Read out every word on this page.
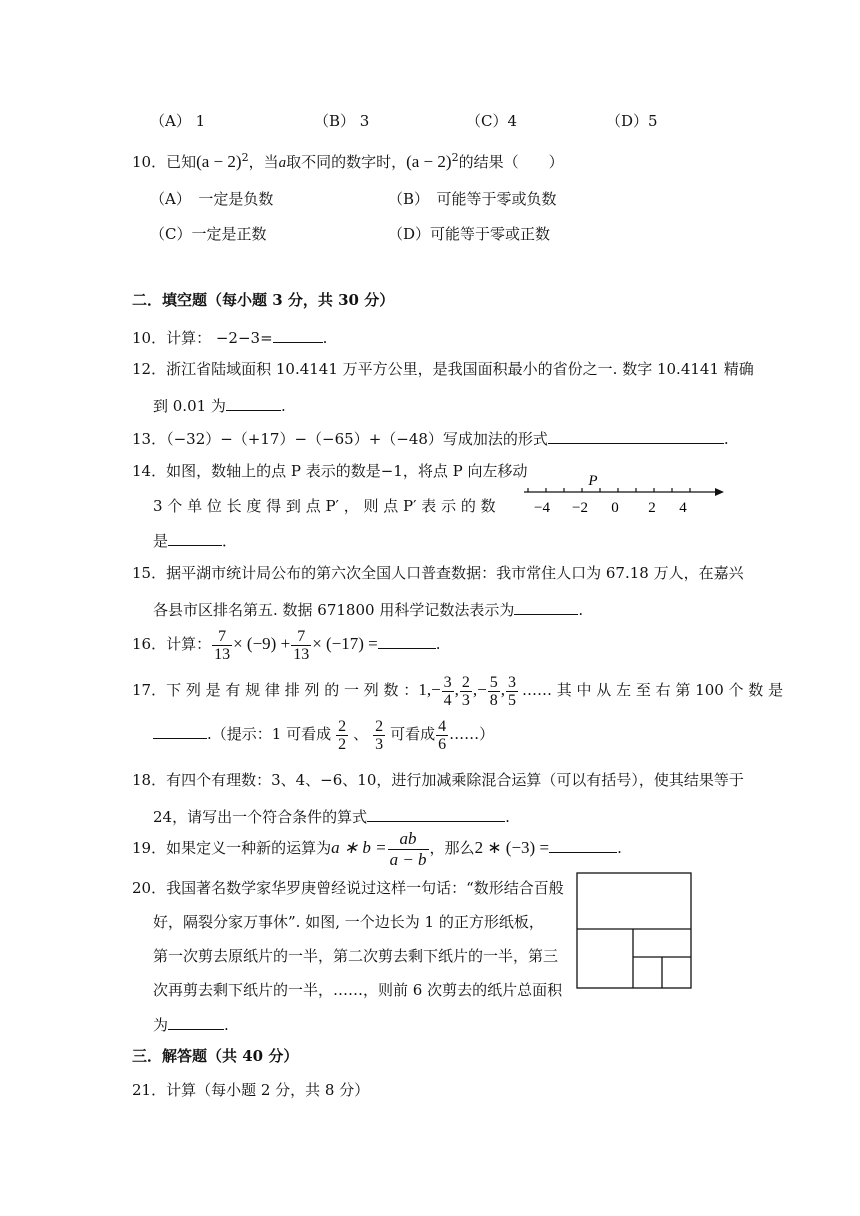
（A） 1	（B） 3	（C）4	（D）5
10．已知$(a - 2)^2$，当a取不同的数字时，$(a - 2)^2$的结果（　　）
（A）　一定是负数	（B）　可能等于零或负数
（C）一定是正数	（D）可能等于零或正数
二．填空题（每小题 3 分，共 30 分）
10．计算： −2−3=	.
12．浙江省陆域面积 10.4141 万平方公里，是我国面积最小的省份之一. 数字 10.4141 精确
到 0.01 为	.
13．（−32）−（+17）−（−65）+（−48）写成加法的形式	.
14．如图，数轴上的点 P 表示的数是−1，将点 P 向左移动
3 个 单 位 长 度 得 到 点 P′ ， 则 点 P′ 表 示 的 数
是	．
P
−4 −2 0 2 4
15．据平湖市统计局公布的第六次全国人口普查数据：我市常住人口为 67.18 万人，在嘉兴
各县市区排名第五. 数据 671800 用科学记数法表示为	.
16．计算： $\frac{7}{13} \times (-9) + \frac{7}{13} \times (-17)$ =	.
17．下 列 是 有 规 律 排 列 的 一 列 数 ：$1,- \frac{3}{4}$ , $\frac{2}{3}$ ,− $\frac{5}{8}$ , $\frac{3}{5}$ …… 其 中 从 左 至 右 第 100 个 数 是
.（提示：1 可看成 $\frac{2}{2}$ 、 $\frac{2}{3}$ 可看成 $\frac{4}{6}$ ……）
18．有四个有理数：3、4、−6、10，进行加减乘除混合运算（可以有括号），使其结果等于
24，请写出一个符合条件的算式	.
19．如果定义一种新的运算为a ∗ $b = \frac{ab}{a - b}$ ，那么2 ∗ (−3) =	.
20．我国著名数学家华罗庚曾经说过这样一句话：“数形结合百般
好，隔裂分家万事休”. 如图, 一个边长为 1 的正方形纸板，
第一次剪去原纸片的一半，第二次剪去剩下纸片的一半，第三
次再剪去剩下纸片的一半，……，则前 6 次剪去的纸片总面积
为	.
三．解答题（共 40 分）
21．计算（每小题 2 分，共 8 分）
